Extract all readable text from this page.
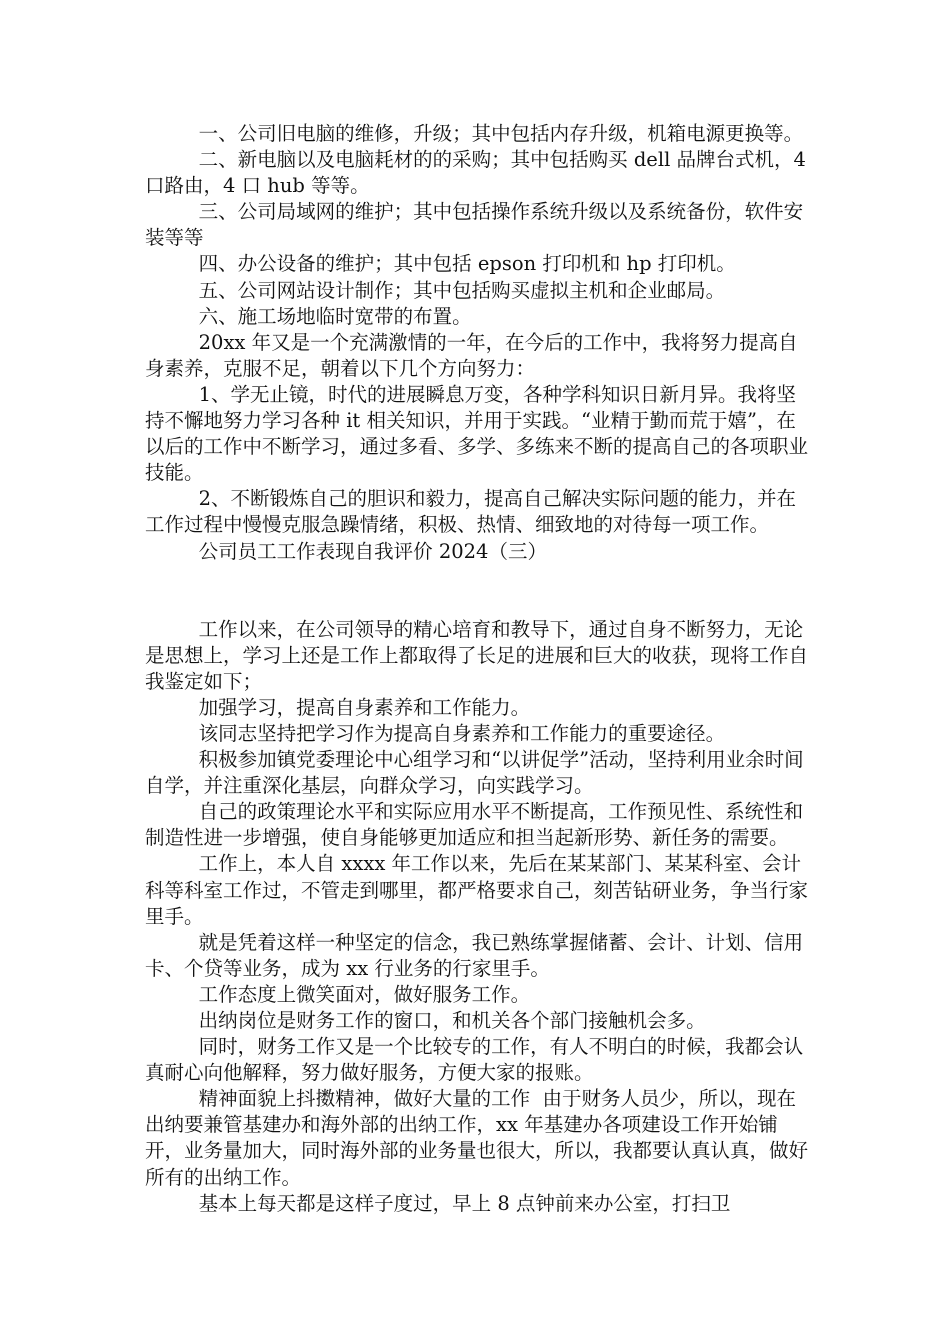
一、公司旧电脑的维修，升级；其中包括内存升级，机箱电源更换等。

二、新电脑以及电脑耗材的的采购；其中包括购买 dell 品牌台式机，4 口路由，4 口 hub 等等。

三、公司局域网的维护；其中包括操作系统升级以及系统备份，软件安装等等

四、办公设备的维护；其中包括 epson 打印机和 hp 打印机。

五、公司网站设计制作；其中包括购买虚拟主机和企业邮局。

六、施工场地临时宽带的布置。

20xx 年又是一个充满激情的一年，在今后的工作中，我将努力提高自身素养，克服不足，朝着以下几个方向努力：

1、学无止镜，时代的进展瞬息万变，各种学科知识日新月异。我将坚持不懈地努力学习各种 it 相关知识，并用于实践。“业精于勤而荒于嬉”，在以后的工作中不断学习，通过多看、多学、多练来不断的提高自己的各项职业技能。

2、不断锻炼自己的胆识和毅力，提高自己解决实际问题的能力，并在工作过程中慢慢克服急躁情绪，积极、热情、细致地的对待每一项工作。

公司员工工作表现自我评价 2024（三）

工作以来，在公司领导的精心培育和教导下，通过自身不断努力，无论是思想上，学习上还是工作上都取得了长足的进展和巨大的收获，现将工作自我鉴定如下；

加强学习，提高自身素养和工作能力。

该同志坚持把学习作为提高自身素养和工作能力的重要途径。

积极参加镇党委理论中心组学习和“以讲促学”活动，坚持利用业余时间自学，并注重深化基层，向群众学习，向实践学习。

自己的政策理论水平和实际应用水平不断提高，工作预见性、系统性和制造性进一步增强，使自身能够更加适应和担当起新形势、新任务的需要。

工作上，本人自 xxxx 年工作以来，先后在某某部门、某某科室、会计科等科室工作过，不管走到哪里，都严格要求自己，刻苦钻研业务，争当行家里手。

就是凭着这样一种坚定的信念，我已熟练掌握储蓄、会计、计划、信用卡、个贷等业务，成为 xx 行业务的行家里手。

工作态度上微笑面对，做好服务工作。

出纳岗位是财务工作的窗口，和机关各个部门接触机会多。

同时，财务工作又是一个比较专的工作，有人不明白的时候，我都会认真耐心向他解释，努力做好服务，方便大家的报账。

精神面貌上抖擞精神，做好大量的工作  由于财务人员少，所以，现在出纳要兼管基建办和海外部的出纳工作，xx 年基建办各项建设工作开始铺开，业务量加大，同时海外部的业务量也很大，所以，我都要认真认真，做好所有的出纳工作。

基本上每天都是这样子度过，早上 8 点钟前来办公室，打扫卫
